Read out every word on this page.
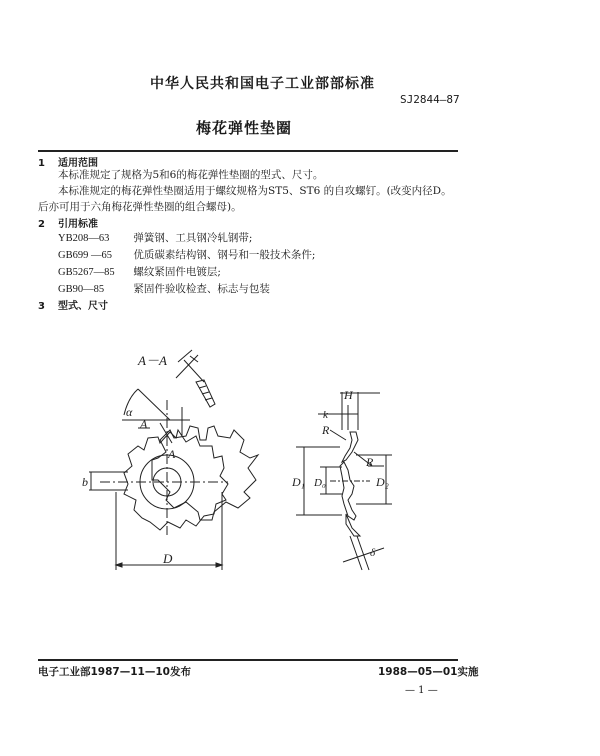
中华人民共和国电子工业部部标准
SJ2844—87
梅花弹性垫圈
1 适用范围
本标准规定了规格为5和6的梅花弹性垫圈的型式、尺寸。
本标准规定的梅花弹性垫圈适用于螺纹规格为ST5、ST6 的自攻螺钉。(改变内径D。
后亦可用于六角梅花弹性垫圈的组合螺母)。
2 引用标准
YB208—63 弹簧钢、工具钢冷轧钢带;
GB699 —65 优质碳素结构钢、钢号和一般技术条件;
GB5267—85 螺纹紧固件电镀层;
GB90—85	紧固件验收检查、标志与包装
3 型式、尺寸
A－A
α
A
A
b
D
H
k
R
R
D₁ D₀	D₂
δ
电子工业部1987—11—10发布	1988—05—01实施
— 1 —
